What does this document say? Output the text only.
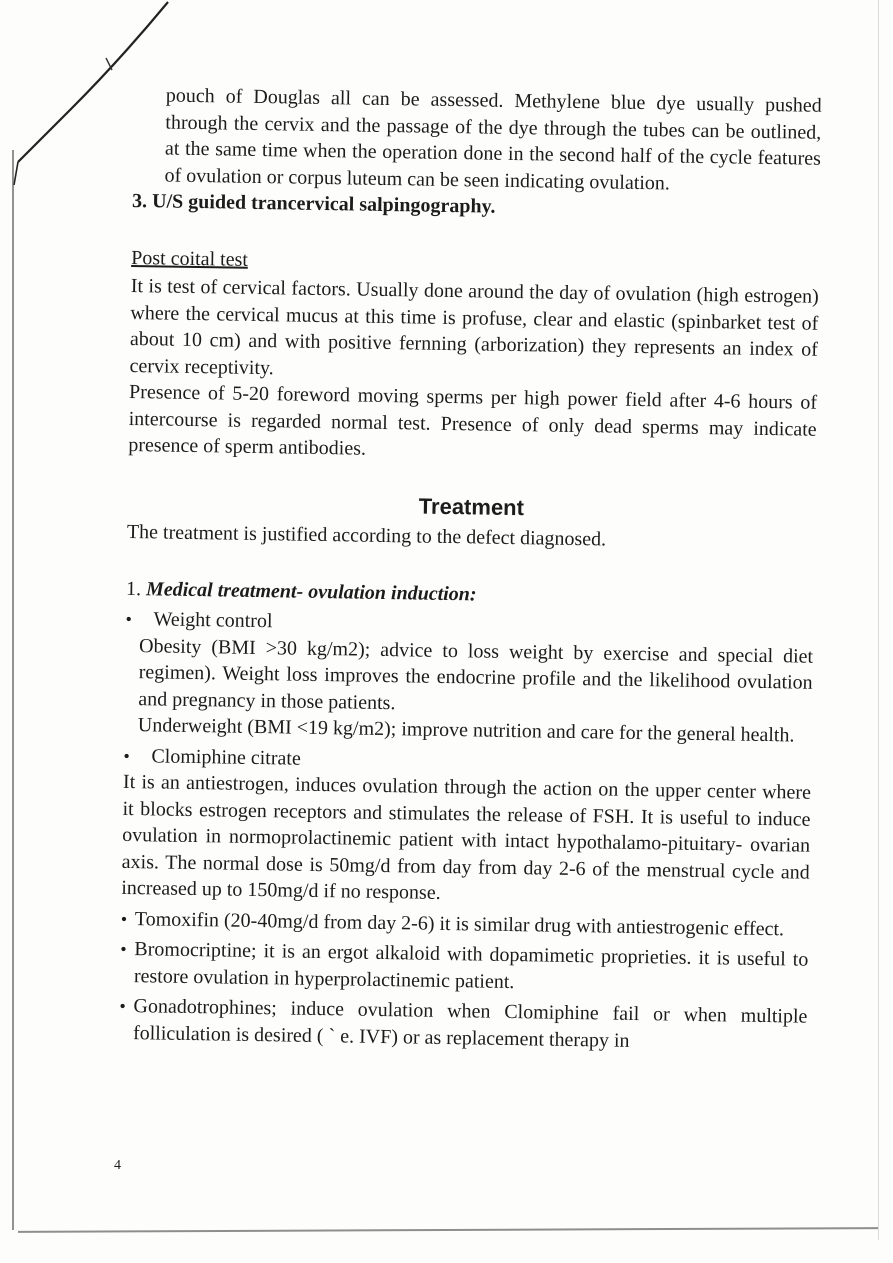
pouch of Douglas all can be assessed. Methylene blue dye usually pushed through the cervix and the passage of the dye through the tubes can be outlined, at the same time when the operation done in the second half of the cycle features of ovulation or corpus luteum can be seen indicating ovulation.

3. U/S guided trancervical salpingography.
Post coital test

It is test of cervical factors. Usually done around the day of ovulation (high estrogen) where the cervical mucus at this time is profuse, clear and elastic (spinbarket test of about 10 cm) and with positive fernning (arborization) they represents an index of cervix receptivity.

Presence of 5-20 foreword moving sperms per high power field after 4-6 hours of intercourse is regarded normal test. Presence of only dead sperms may indicate presence of sperm antibodies.

Treatment

The treatment is justified according to the defect diagnosed.

1. Medical treatment- ovulation induction:
•	Weight control

Obesity (BMI >30 kg/m2); advice to loss weight by exercise and special diet regimen). Weight loss improves the endocrine profile and the likelihood ovulation and pregnancy in those patients.

Underweight (BMI <19 kg/m2); improve nutrition and care for the general health.

•	Clomiphine citrate

It is an antiestrogen, induces ovulation through the action on the upper center where it blocks estrogen receptors and stimulates the release of FSH. It is useful to induce ovulation in normoprolactinemic patient with intact hypothalamo-pituitary- ovarian axis. The normal dose is 50mg/d from day from day 2-6 of the menstrual cycle and increased up to 150mg/d if no response.

• Tomoxifin (20-40mg/d from day 2-6) it is similar drug with antiestrogenic effect.
• Bromocriptine; it is an ergot alkaloid with dopamimetic proprieties. it is useful to restore ovulation in hyperprolactinemic patient.
• Gonadotrophines; induce ovulation when Clomiphine fail or when multiple folliculation is desired ( ` e. IVF) or as replacement therapy in
4
